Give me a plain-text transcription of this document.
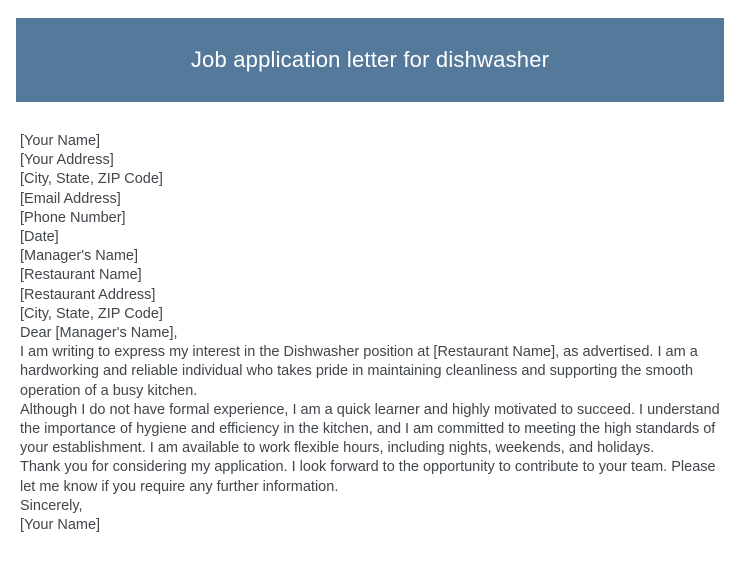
Job application letter for dishwasher
[Your Name]
[Your Address]
[City, State, ZIP Code]
[Email Address]
[Phone Number]
[Date]
[Manager's Name]
[Restaurant Name]
[Restaurant Address]
[City, State, ZIP Code]
Dear [Manager's Name],

I am writing to express my interest in the Dishwasher position at [Restaurant Name], as advertised. I am a hardworking and reliable individual who takes pride in maintaining cleanliness and supporting the smooth operation of a busy kitchen.

Although I do not have formal experience, I am a quick learner and highly motivated to succeed. I understand the importance of hygiene and efficiency in the kitchen, and I am committed to meeting the high standards of your establishment. I am available to work flexible hours, including nights, weekends, and holidays.

Thank you for considering my application. I look forward to the opportunity to contribute to your team. Please let me know if you require any further information.

Sincerely,
[Your Name]
